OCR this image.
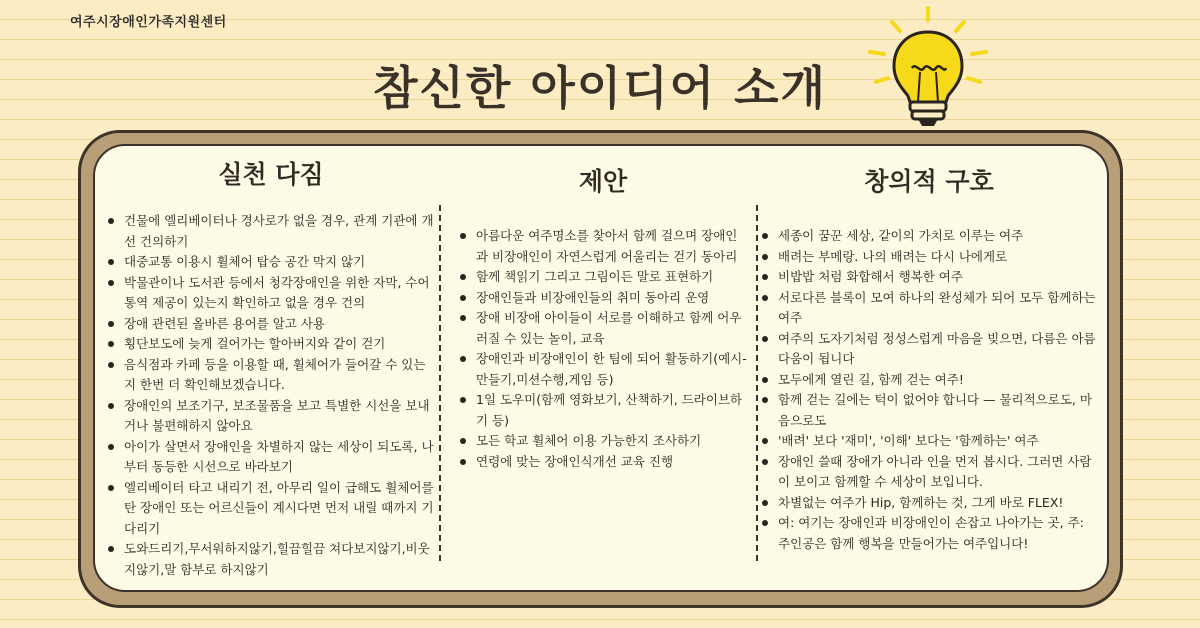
여주시장애인가족지원센터
참신한 아이디어 소개
실천 다짐
건물에 엘리베이터나 경사로가 없을 경우, 관계 기관에 개선 건의하기
대중교통 이용시 휠체어 탑승 공간 막지 않기
박물관이나 도서관 등에서 청각장애인을 위한 자막, 수어 통역 제공이 있는지 확인하고 없을 경우 건의
장애 관련된 올바른 용어를 알고 사용
횡단보도에 늦게 걸어가는 할아버지와 같이 걷기
음식점과 카페 등을 이용할 때, 휠체어가 들어갈 수 있는지 한번 더 확인해보겠습니다.
장애인의 보조기구, 보조물품을 보고 특별한 시선을 보내거나 불편해하지 않아요
아이가 살면서 장애인을 차별하지 않는 세상이 되도록, 나부터 동등한 시선으로 바라보기
엘리베이터 타고 내리기 전, 아무리 일이 급해도 휠체어를 탄 장애인 또는 어르신들이 계시다면 먼저 내릴 때까지 기다리기
도와드리기,무서워하지않기,힐끔힐끔 쳐다보지않기,비웃지않기,말 함부로 하지않기
제안
아름다운 여주명소를 찾아서 함께 걸으며 장애인과 비장애인이 자연스럽게 어울리는 걷기 동아리
함께 책읽기 그리고 그림이든 말로 표현하기
장애인들과 비장애인들의 취미 동아리 운영
장애 비장애 아이들이 서로를 이해하고 함께 어우러질 수 있는 놀이, 교육
장애인과 비장애인이 한 팀에 되어 활동하기(예시-만들기,미션수행,게임 등)
1일 도우미(함께 영화보기, 산책하기, 드라이브하기 등)
모든 학교 휠체어 이용 가능한지 조사하기
연령에 맞는 장애인식개선 교육 진행
창의적 구호
세종이 꿈꾼 세상, 같이의 가치로 이루는 여주
배려는 부메랑. 나의 배려는 다시 나에게로
비밥밥 처럼 화합해서 행복한 여주
서로다른 블록이 모여 하나의 완성체가 되어 모두 함께하는 여주
여주의 도자기처럼 정성스럽게 마음을 빚으면, 다름은 아름다움이 됩니다
모두에게 열린 길, 함께 걷는 여주!
함께 걷는 길에는 턱이 없어야 합니다 — 물리적으로도, 마음으로도
'배려' 보다 '재미', '이해' 보다는 '함께하는' 여주
장애인 쓸때 장애가 아니라 인을 먼저 봅시다. 그러면 사람이 보이고 함께할 수 세상이 보입니다.
차별없는 여주가 Hip, 함께하는 것, 그게 바로 FLEX!
여: 여기는 장애인과 비장애인이 손잡고 나아가는 곳, 주: 주인공은 함께 행복을 만들어가는 여주입니다!
